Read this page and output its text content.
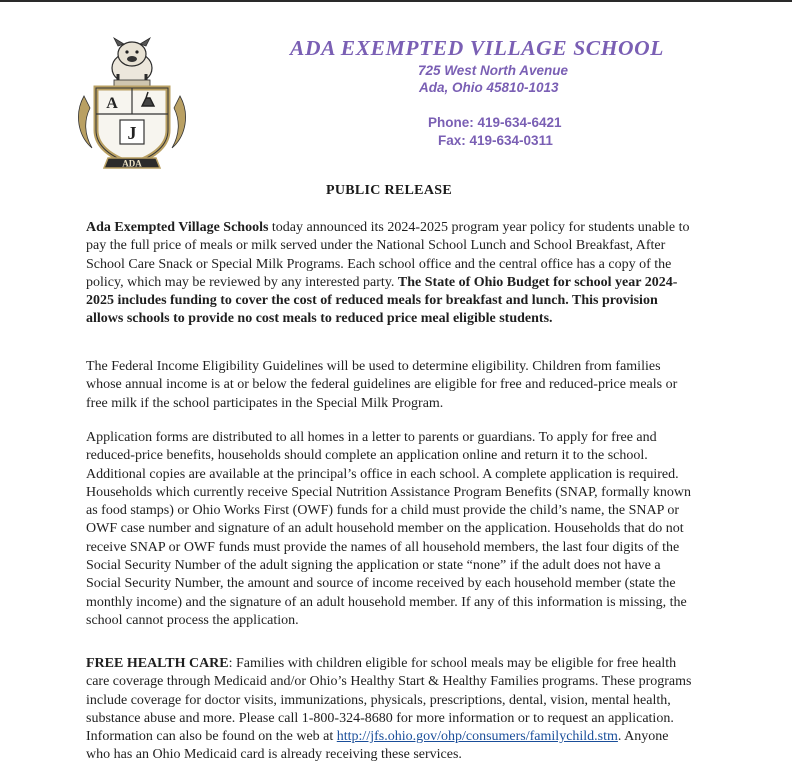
A
J
ADA
ADA EXEMPTED VILLAGE SCHOOL
725 West North Avenue
Ada, Ohio 45810-1013
Phone: 419-634-6421
Fax: 419-634-0311
PUBLIC RELEASE
Ada Exempted Village Schools today announced its 2024-2025 program year policy for students unable to pay the full price of meals or milk served under the National School Lunch and School Breakfast, After School Care Snack or Special Milk Programs. Each school office and the central office has a copy of the policy, which may be reviewed by any interested party. The State of Ohio Budget for school year 2024-2025 includes funding to cover the cost of reduced meals for breakfast and lunch. This provision allows schools to provide no cost meals to reduced price meal eligible students.
The Federal Income Eligibility Guidelines will be used to determine eligibility. Children from families whose annual income is at or below the federal guidelines are eligible for free and reduced-price meals or free milk if the school participates in the Special Milk Program.
Application forms are distributed to all homes in a letter to parents or guardians. To apply for free and reduced-price benefits, households should complete an application online and return it to the school. Additional copies are available at the principal’s office in each school. A complete application is required. Households which currently receive Special Nutrition Assistance Program Benefits (SNAP, formally known as food stamps) or Ohio Works First (OWF) funds for a child must provide the child’s name, the SNAP or OWF case number and signature of an adult household member on the application. Households that do not receive SNAP or OWF funds must provide the names of all household members, the last four digits of the Social Security Number of the adult signing the application or state “none” if the adult does not have a Social Security Number, the amount and source of income received by each household member (state the monthly income) and the signature of an adult household member. If any of this information is missing, the school cannot process the application.
FREE HEALTH CARE: Families with children eligible for school meals may be eligible for free health care coverage through Medicaid and/or Ohio’s Healthy Start & Healthy Families programs. These programs include coverage for doctor visits, immunizations, physicals, prescriptions, dental, vision, mental health, substance abuse and more. Please call 1-800-324-8680 for more information or to request an application. Information can also be found on the web at http://jfs.ohio.gov/ohp/consumers/familychild.stm. Anyone who has an Ohio Medicaid card is already receiving these services.
